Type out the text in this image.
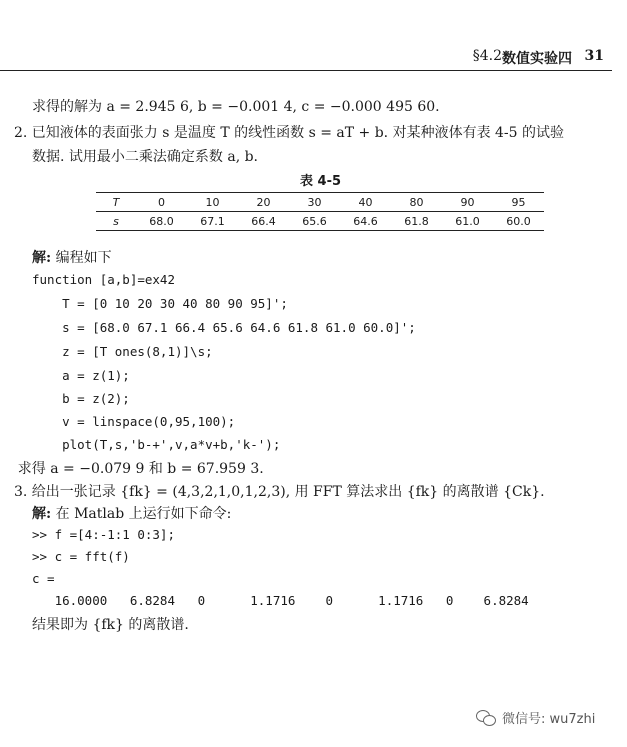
§4.2 数值实验四 31
求得的解为 a = 2.945 6, b = −0.001 4, c = −0.000 495 60.
2. 已知液体的表面张力 s 是温度 T 的线性函数 s = aT + b. 对某种液体有表 4-5 的试验
数据. 试用最小二乘法确定系数 a, b.
表 4-5
T	0	10	20	30	40	80	90	95
s	68.0	67.1	66.4	65.6	64.6	61.8	61.0	60.0
解: 编程如下
function [a,b]=ex42
T = [0 10 20 30 40 80 90 95]';
s = [68.0 67.1 66.4 65.6 64.6 61.8 61.0 60.0]';
z = [T ones(8,1)]\s;
a = z(1);
b = z(2);
v = linspace(0,95,100);
plot(T,s,'b-+',v,a*v+b,'k-');
求得 a = −0.079 9 和 b = 67.959 3.
3. 给出一张记录 {fk} = (4,3,2,1,0,1,2,3), 用 FFT 算法求出 {fk} 的离散谱 {Ck}.
解: 在 Matlab 上运行如下命令:
>> f =[4:-1:1 0:3];
>> c = fft(f)
c =
16.0000   6.8284   0      1.1716    0      1.1716   0    6.8284
结果即为 {fk} 的离散谱.
微信号: wu7zhi
